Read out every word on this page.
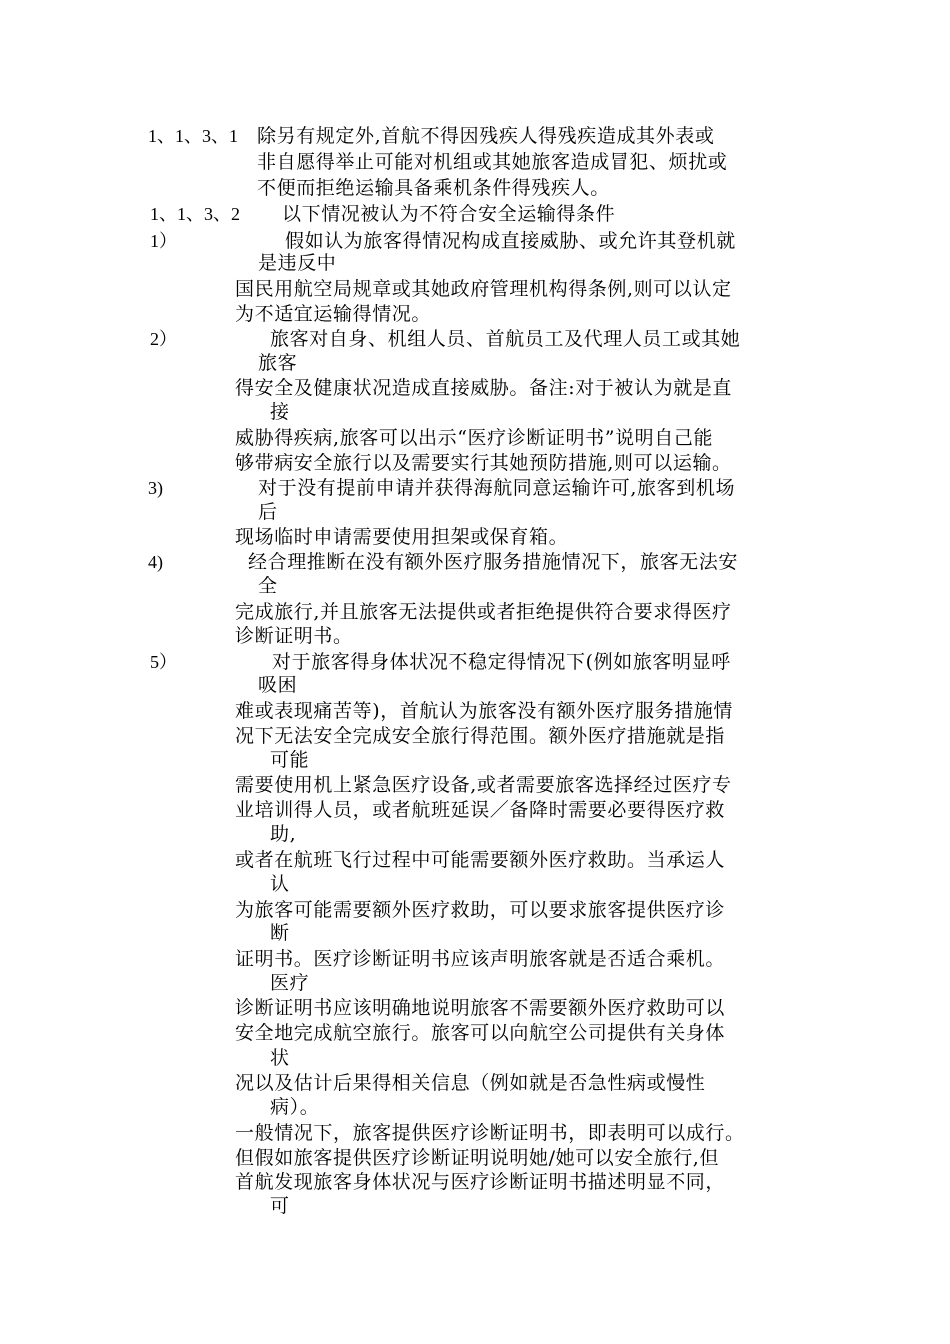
1、1、3、1 除另有规定外,首航不得因残疾人得残疾造成其外表或
非自愿得举止可能对机组或其她旅客造成冒犯、烦扰或
不便而拒绝运输具备乘机条件得残疾人。
1、1、3、2 以下情况被认为不符合安全运输得条件
1）	假如认为旅客得情况构成直接威胁、或允许其登机就
是违反中
国民用航空局规章或其她政府管理机构得条例,则可以认定
为不适宜运输得情况。
2）	旅客对自身、机组人员、首航员工及代理人员工或其她
旅客
得安全及健康状况造成直接威胁。备注:对于被认为就是直
接
威胁得疾病,旅客可以出示“医疗诊断证明书”说明自己能
够带病安全旅行以及需要实行其她预防措施,则可以运输。
3)	对于没有提前申请并获得海航同意运输许可,旅客到机场
后
现场临时申请需要使用担架或保育箱。
4)	经合理推断在没有额外医疗服务措施情况下，旅客无法安
全
完成旅行,并且旅客无法提供或者拒绝提供符合要求得医疗
诊断证明书。
5）	对于旅客得身体状况不稳定得情况下(例如旅客明显呼
吸困
难或表现痛苦等)，首航认为旅客没有额外医疗服务措施情
况下无法安全完成安全旅行得范围。额外医疗措施就是指
可能
需要使用机上紧急医疗设备,或者需要旅客选择经过医疗专
业培训得人员，或者航班延误／备降时需要必要得医疗救
助,
或者在航班飞行过程中可能需要额外医疗救助。当承运人
认
为旅客可能需要额外医疗救助，可以要求旅客提供医疗诊
断
证明书。医疗诊断证明书应该声明旅客就是否适合乘机。
医疗
诊断证明书应该明确地说明旅客不需要额外医疗救助可以
安全地完成航空旅行。旅客可以向航空公司提供有关身体
状
况以及估计后果得相关信息（例如就是否急性病或慢性
病）。
一般情况下，旅客提供医疗诊断证明书，即表明可以成行。
但假如旅客提供医疗诊断证明说明她/她可以安全旅行,但
首航发现旅客身体状况与医疗诊断证明书描述明显不同，
可
